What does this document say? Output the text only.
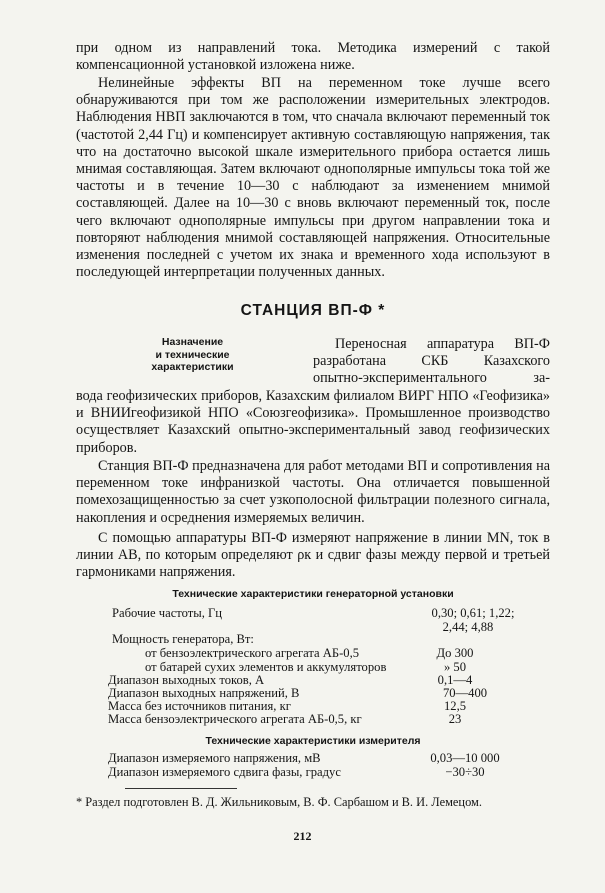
при одном из направлений тока. Методика измерений с такой компенсационной установкой изложена ниже.
Нелинейные эффекты ВП на переменном токе лучше всего обнаруживаются при том же расположении измерительных электродов. Наблюдения НВП заключаются в том, что сначала включают переменный ток (частотой 2,44 Гц) и компенсирует активную составляющую напряжения, так что на достаточно высокой шкале измерительного прибора остается лишь мнимая составляющая. Затем включают однополярные импульсы тока той же частоты и в течение 10—30 с наблюдают за изменением мнимой составляющей. Далее на 10—30 с вновь включают переменный ток, после чего включают однополярные импульсы при другом направлении тока и повторяют наблюдения мнимой составляющей напряжения. Относительные изменения последней с учетом их знака и временного хода используют в последующей интерпретации полученных данных.
СТАНЦИЯ ВП-Ф *
Назначение
и технические
характеристики
Переносная аппаратура ВП-Ф
разработана СКБ Казахского
опытно-экспериментального за-
вода геофизических приборов, Казахским филиалом ВИРГ НПО «Геофизика» и ВНИИгеофизикой НПО «Союзгеофизика». Промышленное производство осуществляет Казахский опытно-экспериментальный завод геофизических приборов.
Станция ВП-Ф предназначена для работ методами ВП и сопротивления на переменном токе инфранизкой частоты. Она отличается повышенной помехозащищенностью за счет узкополосной фильтрации полезного сигнала, накопления и осреднения измеряемых величин.
С помощью аппаратуры ВП-Ф измеряют напряжение в линии MN, ток в линии AB, по которым определяют ρк и сдвиг фазы между первой и третьей гармониками напряжения.
Технические характеристики генераторной установки
Рабочие частоты, Гц	0,30; 0,61; 1,22;
2,44; 4,88
Мощность генератора, Вт:
от бензоэлектрического агрегата АБ-0,5	До 300
от батарей сухих элементов и аккумуляторов	» 50
Диапазон выходных токов, А	0,1—4
Диапазон выходных напряжений, В	70—400
Масса без источников питания, кг	12,5
Масса бензоэлектрического агрегата АБ-0,5, кг	23
Технические характеристики измерителя
Диапазон измеряемого напряжения, мВ	0,03—10 000
Диапазон измеряемого сдвига фазы, градус	−30÷30
* Раздел подготовлен В. Д. Жильниковым, В. Ф. Сарбашом и В. И. Лемецом.
212
